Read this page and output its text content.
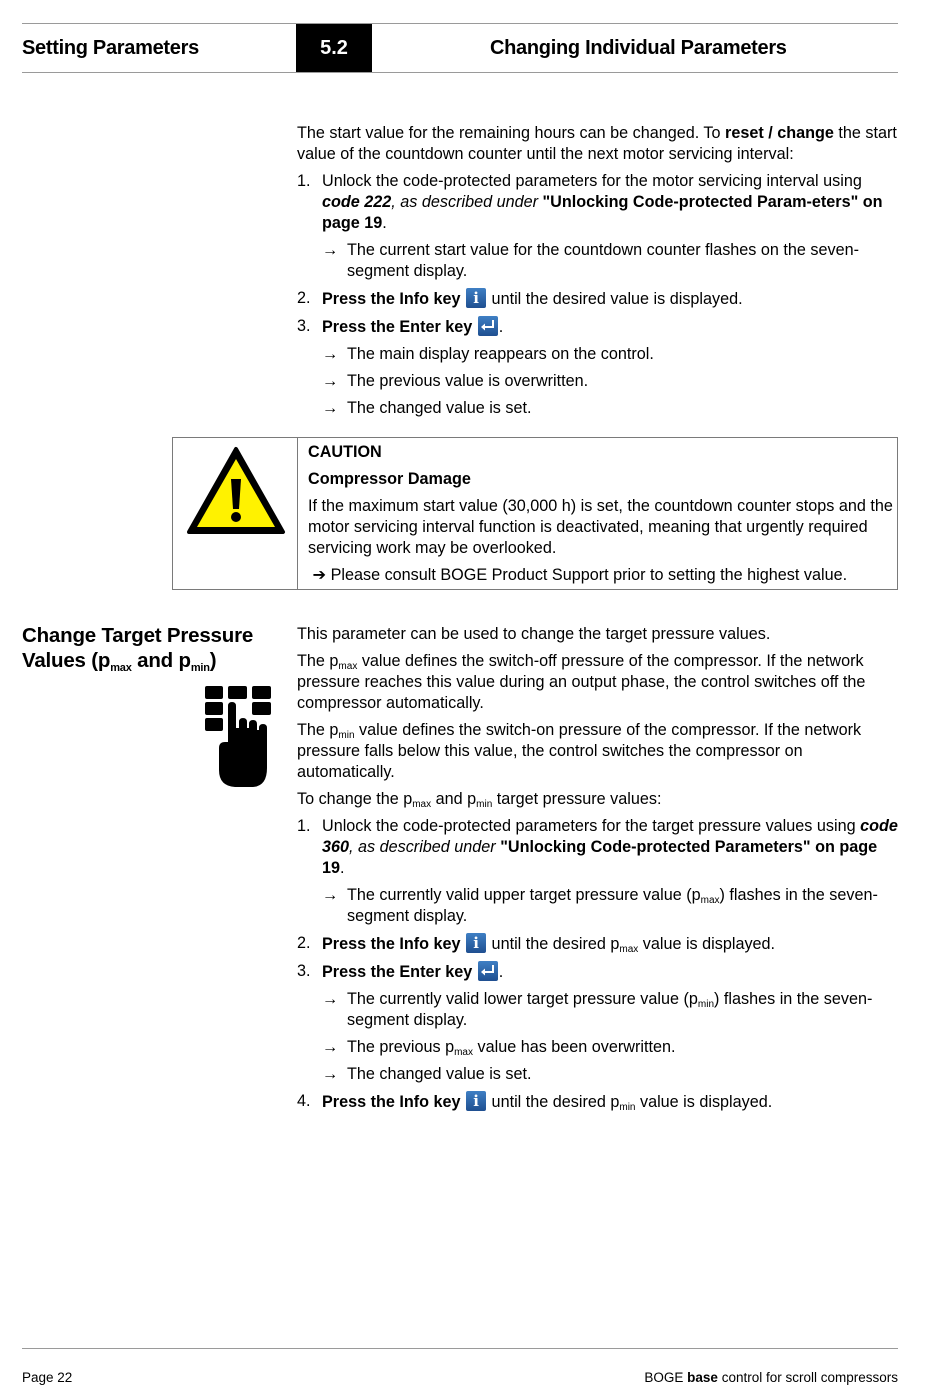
Setting Parameters	5.2	Changing Individual Parameters

The start value for the remaining hours can be changed. To reset / change the start value of the countdown counter until the next motor servicing interval:

1. Unlock the code-protected parameters for the motor servicing interval using code 222, as described under "Unlocking Code-protected Param-eters" on page 19.
→ The current start value for the countdown counter flashes on the seven-segment display.
2. Press the Info key i until the desired value is displayed.
3. Press the Enter key .
→ The main display reappears on the control.
→ The previous value is overwritten.
→ The changed value is set.

CAUTION

Compressor Damage

If the maximum start value (30,000 h) is set, the countdown counter stops and the motor servicing interval function is deactivated, meaning that urgently required servicing work may be overlooked.

➔ Please consult BOGE Product Support prior to setting the highest value.

Change Target Pressure Values ($p_{max}$ and $p_{min}$)

This parameter can be used to change the target pressure values.

The $p_{max}$ value defines the switch-off pressure of the compressor. If the network pressure reaches this value during an output phase, the control switches off the compressor automatically.

The $p_{min}$ value defines the switch-on pressure of the compressor. If the network pressure falls below this value, the control switches the compressor on automatically.

To change the $p_{max}$ and $p_{min}$ target pressure values:

1. Unlock the code-protected parameters for the target pressure values using code 360, as described under "Unlocking Code-protected Parameters" on page 19.
→ The currently valid upper target pressure value $(p_{max})$ flashes in the seven-segment display.
2. Press the Info key i until the desired $p_{max}$ value is displayed.
3. Press the Enter key .
→ The currently valid lower target pressure value $(p_{min})$ flashes in the seven-segment display.
→ The previous $p_{max}$ value has been overwritten.
→ The changed value is set.
4. Press the Info key i until the desired $p_{min}$ value is displayed.
Page 22	BOGE base control for scroll compressors
